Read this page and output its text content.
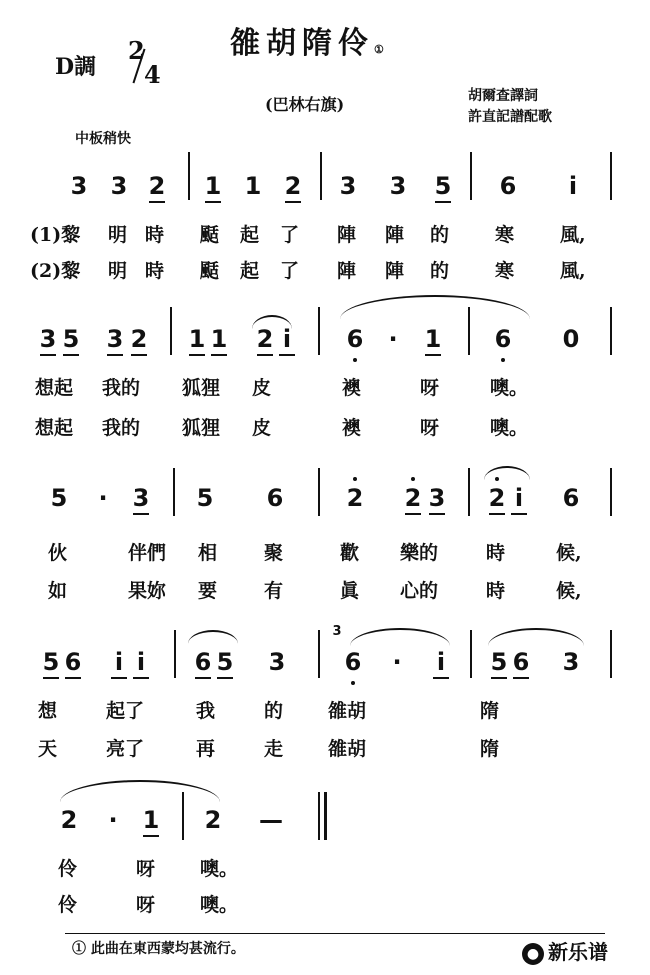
雒胡隋伶①
D調
2
4
(巴林右旗)	胡爾查譯詞
許直記譜配歌
中板稍快
3 3 2 1 1 2 3 3 5 6	i
(1)黎 明 時 颳 起 了 陣 陣 的 寒 風,
(2)黎 明 時 颳 起 了 陣 陣 的 寒 風,
3 5 3 2 1 1 2 i	6	·	1 6 0
想起 我的 狐狸 皮	襖	呀	噢。
想起 我的 狐狸 皮	襖	呀	噢。
5	·	3 5 6	2 2 3 2 i	6
伙	伴們 相 聚	歡 樂的	時	候,
如	果妳 要 有	眞 心的	時	候,
3
5 6	i i	6 5 3 6	·	i	5 6 3
想	起了	我	的 雒胡	隋
天	亮了	再	走 雒胡	隋
2	·	1 2 —
伶	呀 噢。
伶	呀 噢。
① 此曲在東西蒙均甚流行。	● 新乐谱
